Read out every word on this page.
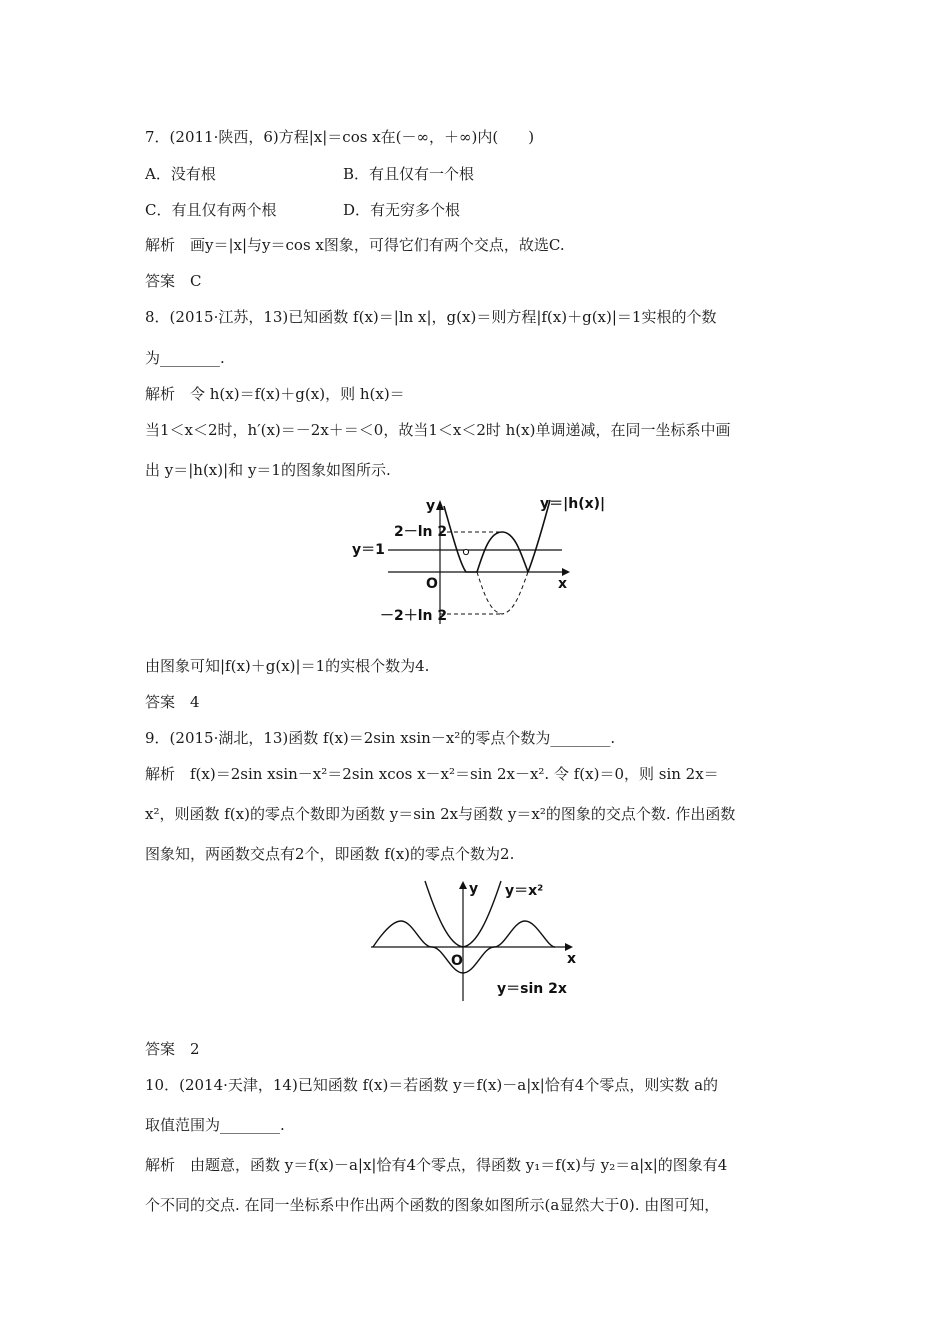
7．(2011·陕西，6)方程|x|＝cos x在(－∞，＋∞)内(　　)
A．没有根	B．有且仅有一个根
C．有且仅有两个根	D．有无穷多个根
解析　画y＝|x|与y＝cos x图象，可得它们有两个交点，故选C.
答案　C
8．(2015·江苏，13)已知函数 f(x)＝|ln x|，g(x)＝则方程|f(x)＋g(x)|＝1实根的个数
为________.
解析　令 h(x)＝f(x)＋g(x)，则 h(x)＝
当1＜x＜2时，h′(x)＝－2x＋＝＜0，故当1＜x＜2时 h(x)单调递减，在同一坐标系中画
出 y＝|h(x)|和 y＝1的图象如图所示.
y＝|h(x)|
y
2－ln 2
y＝1
O	x
－2＋ln 2
由图象可知|f(x)＋g(x)|＝1的实根个数为4.
答案　4
9．(2015·湖北，13)函数 f(x)＝2sin xsin－x²的零点个数为________.
解析　f(x)＝2sin xsin－x²＝2sin xcos x－x²＝sin 2x－x². 令 f(x)＝0，则 sin 2x＝
x²，则函数 f(x)的零点个数即为函数 y＝sin 2x与函数 y＝x²的图象的交点个数. 作出函数
图象知，两函数交点有2个，即函数 f(x)的零点个数为2.
y y＝x²
O	x
y＝sin 2x
答案　2
10．(2014·天津，14)已知函数 f(x)＝若函数 y＝f(x)－a|x|恰有4个零点，则实数 a的
取值范围为________.
解析　由题意，函数 y＝f(x)－a|x|恰有4个零点，得函数 y₁＝f(x)与 y₂＝a|x|的图象有4
个不同的交点. 在同一坐标系中作出两个函数的图象如图所示(a显然大于0). 由图可知，
